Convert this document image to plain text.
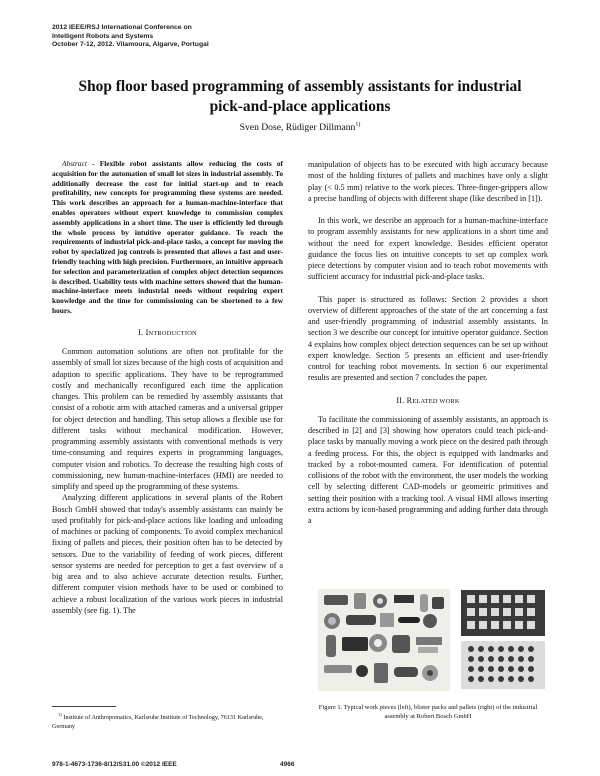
2012 IEEE/RSJ International Conference on
Intelligent Robots and Systems
October 7-12, 2012. Vilamoura, Algarve, Portugal
Shop floor based programming of assembly assistants for industrial pick-and-place applications
Sven Dose, Rüdiger Dillmann$^{1)}$

Abstract - Flexible robot assistants allow reducing the costs of acquisition for the automation of small lot sizes in industrial assembly. To additionally decrease the cost for initial start-up and to reach profitability, new concepts for programming these systems are needed. This work describes an approach for a human-machine-interface that enables operators without expert knowledge to commission complex assembly applications in a short time. The user is efficiently led through the whole process by intuitive operator guidance. To reach the requirements of industrial pick-and-place tasks, a concept for moving the robot by specialized jog controls is presented that allows a fast and user-friendly teaching with high precision. Furthermore, an intuitive approach for selection and parameterization of complex object detection sequences is described. Usability tests with machine setters showed that the human-machine-interface meets industrial needs without requiring expert knowledge and the time for commissioning can be shortened to a few hours.

I. INTRODUCTION

Common automation solutions are often not profitable for the assembly of small lot sizes because of the high costs of acquisition and adaption to specific applications. They have to be reprogrammed costly and mechanically reconfigured each time the application changes. This problem can be remedied by assembly assistants that consist of a robotic arm with attached cameras and a universal gripper for object detection and handling. This setup allows a flexible use for different tasks without mechanical modification. However, programming assembly assistants with conventional methods is very time-consuming and requires experts in programming languages, computer vision and robotics. To decrease the resulting high costs of commissioning, new human-machine-interfaces (HMI) are needed to simplify and speed up the programming of these systems.

Analyzing different applications in several plants of the Robert Bosch GmbH showed that today's assembly assistants can mainly be used profitably for pick-and-place actions like loading and unloading of machines or packing of components. To avoid complex mechanical fixing of pallets and pieces, their position often has to be detected by sensors. Due to the variability of feeding of work pieces, different sensor systems are needed for perception to get a fast overview of a big area and to also achieve accurate detection results. Further, different computer vision methods have to be used or combined to achieve a robust localization of the various work pieces in industrial assembly (see fig. 1). The

$^{1)}$ Institute of Anthropomatics, Karlsruhe Institute of Technology, 76131 Karlsruhe, Germany

manipulation of objects has to be executed with high accuracy because most of the holding fixtures of pallets and machines have only a slight play (< 0.5 mm) relative to the work pieces. Three-finger-grippers allow a precise handling of objects with different shape (like described in [1]).

In this work, we describe an approach for a human-machine-interface to program assembly assistants for new applications in a short time and without the need for expert knowledge. Besides efficient operator guidance the focus lies on intuitive concepts to set up complex work piece detections by computer vision and to teach robot movements with sufficient accuracy for industrial pick-and-place tasks.

This paper is structured as follows: Section 2 provides a short overview of different approaches of the state of the art concerning a fast and user-friendly programming of industrial assembly assistants. In section 3 we describe our concept for intuitive operator guidance. Section 4 explains how complex object detection sequences can be set up without expert knowledge. Section 5 presents an efficient and user-friendly control for teaching robot movements. In section 6 our experimental results are presented and section 7 concludes the paper.

II. RELATED WORK

To facilitate the commissioning of assembly assistants, an approach is described in [2] and [3] showing how operators could teach pick-and-place tasks by manually moving a work piece on the desired path through a feeding process. For this, the object is equipped with landmarks and tracked by a robot-mounted camera. For identification of potential collisions of the robot with the environment, the user models the working cell by selecting different CAD-models or geometric primitives and setting their position with a tracking tool. A visual HMI allows inserting extra actions by icon-based programming and adding further data through a

Figure 1. Typical work pieces (left), blister packs and pallets (right) of the industrial assembly at Robert Bosch GmbH
978-1-4673-1736-8/12/S31.00 ©2012 IEEE	4966
